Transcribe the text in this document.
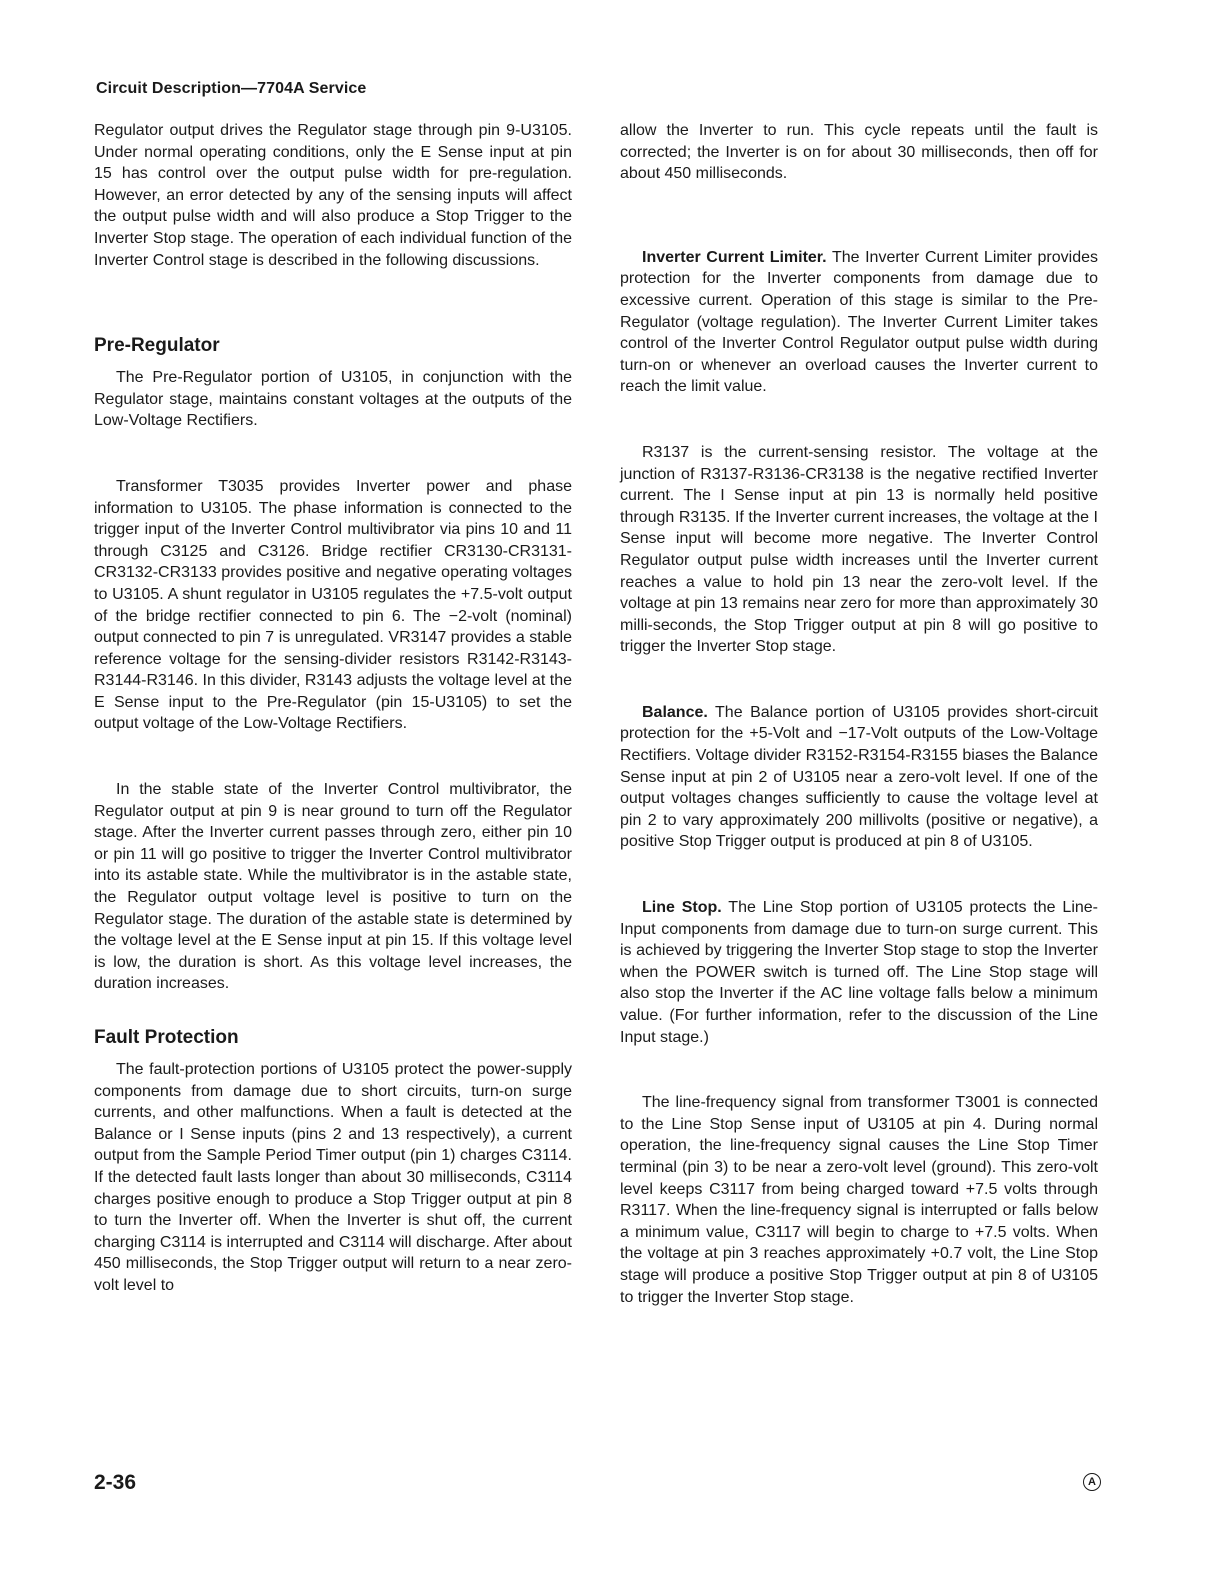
Circuit Description—7704A Service

Regulator output drives the Regulator stage through pin 9-U3105. Under normal operating conditions, only the E Sense input at pin 15 has control over the output pulse width for pre-regulation. However, an error detected by any of the sensing inputs will affect the output pulse width and will also produce a Stop Trigger to the Inverter Stop stage. The operation of each individual function of the Inverter Control stage is described in the following discussions.

Pre-Regulator

The Pre-Regulator portion of U3105, in conjunction with the Regulator stage, maintains constant voltages at the outputs of the Low-Voltage Rectifiers.

Transformer T3035 provides Inverter power and phase information to U3105. The phase information is connected to the trigger input of the Inverter Control multivibrator via pins 10 and 11 through C3125 and C3126. Bridge rectifier CR3130-CR3131-CR3132-CR3133 provides positive and negative operating voltages to U3105. A shunt regulator in U3105 regulates the +7.5-volt output of the bridge rectifier connected to pin 6. The −2-volt (nominal) output connected to pin 7 is unregulated. VR3147 provides a stable reference voltage for the sensing-divider resistors R3142-R3143-R3144-R3146. In this divider, R3143 adjusts the voltage level at the E Sense input to the Pre-Regulator (pin 15-U3105) to set the output voltage of the Low-Voltage Rectifiers.

In the stable state of the Inverter Control multivibrator, the Regulator output at pin 9 is near ground to turn off the Regulator stage. After the Inverter current passes through zero, either pin 10 or pin 11 will go positive to trigger the Inverter Control multivibrator into its astable state. While the multivibrator is in the astable state, the Regulator output voltage level is positive to turn on the Regulator stage. The duration of the astable state is determined by the voltage level at the E Sense input at pin 15. If this voltage level is low, the duration is short. As this voltage level increases, the duration increases.

Fault Protection

The fault-protection portions of U3105 protect the power-supply components from damage due to short circuits, turn-on surge currents, and other malfunctions. When a fault is detected at the Balance or I Sense inputs (pins 2 and 13 respectively), a current output from the Sample Period Timer output (pin 1) charges C3114. If the detected fault lasts longer than about 30 milliseconds, C3114 charges positive enough to produce a Stop Trigger output at pin 8 to turn the Inverter off. When the Inverter is shut off, the current charging C3114 is interrupted and C3114 will discharge. After about 450 milliseconds, the Stop Trigger output will return to a near zero-volt level to

allow the Inverter to run. This cycle repeats until the fault is corrected; the Inverter is on for about 30 milliseconds, then off for about 450 milliseconds.

Inverter Current Limiter. The Inverter Current Limiter provides protection for the Inverter components from damage due to excessive current. Operation of this stage is similar to the Pre-Regulator (voltage regulation). The Inverter Current Limiter takes control of the Inverter Control Regulator output pulse width during turn-on or whenever an overload causes the Inverter current to reach the limit value.

R3137 is the current-sensing resistor. The voltage at the junction of R3137-R3136-CR3138 is the negative rectified Inverter current. The I Sense input at pin 13 is normally held positive through R3135. If the Inverter current increases, the voltage at the I Sense input will become more negative. The Inverter Control Regulator output pulse width increases until the Inverter current reaches a value to hold pin 13 near the zero-volt level. If the voltage at pin 13 remains near zero for more than approximately 30 milli-seconds, the Stop Trigger output at pin 8 will go positive to trigger the Inverter Stop stage.

Balance. The Balance portion of U3105 provides short-circuit protection for the +5-Volt and −17-Volt outputs of the Low-Voltage Rectifiers. Voltage divider R3152-R3154-R3155 biases the Balance Sense input at pin 2 of U3105 near a zero-volt level. If one of the output voltages changes sufficiently to cause the voltage level at pin 2 to vary approximately 200 millivolts (positive or negative), a positive Stop Trigger output is produced at pin 8 of U3105.

Line Stop. The Line Stop portion of U3105 protects the Line-Input components from damage due to turn-on surge current. This is achieved by triggering the Inverter Stop stage to stop the Inverter when the POWER switch is turned off. The Line Stop stage will also stop the Inverter if the AC line voltage falls below a minimum value. (For further information, refer to the discussion of the Line Input stage.)

The line-frequency signal from transformer T3001 is connected to the Line Stop Sense input of U3105 at pin 4. During normal operation, the line-frequency signal causes the Line Stop Timer terminal (pin 3) to be near a zero-volt level (ground). This zero-volt level keeps C3117 from being charged toward +7.5 volts through R3117. When the line-frequency signal is interrupted or falls below a minimum value, C3117 will begin to charge to +7.5 volts. When the voltage at pin 3 reaches approximately +0.7 volt, the Line Stop stage will produce a positive Stop Trigger output at pin 8 of U3105 to trigger the Inverter Stop stage.

2-36	A
